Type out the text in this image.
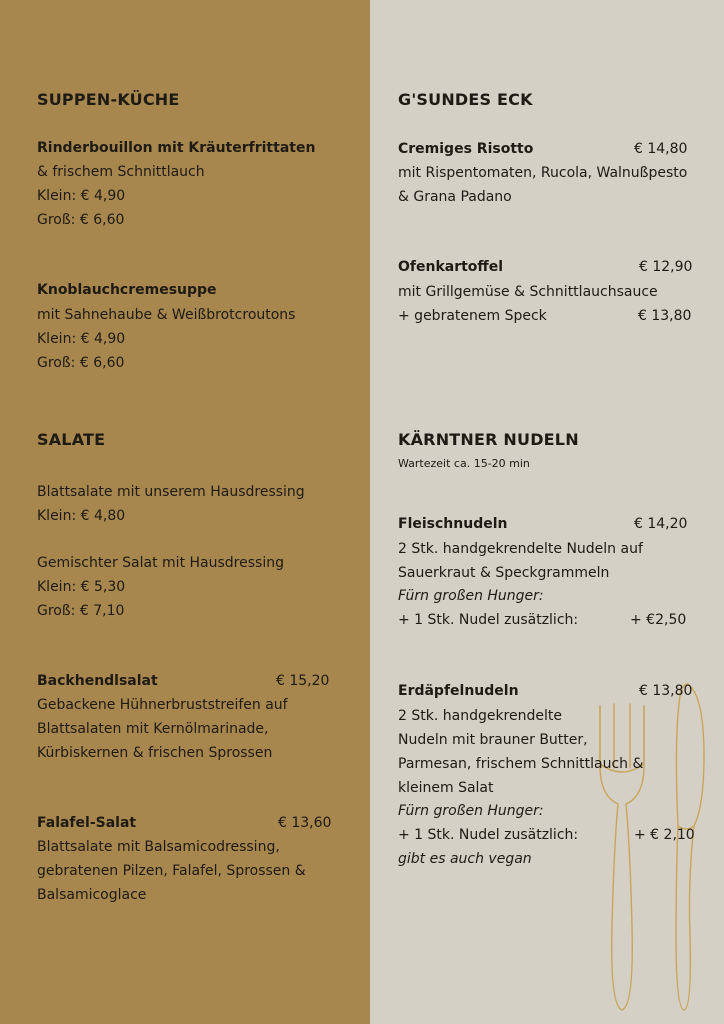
SUPPEN-KÜCHE
Rinderbouillon mit Kräuterfrittaten
& frischem Schnittlauch
Klein: € 4,90
Groß: € 6,60
Knoblauchcremesuppe
mit Sahnehaube & Weißbrotcroutons
Klein: € 4,90
Groß: € 6,60
SALATE
Blattsalate mit unserem Hausdressing
Klein: € 4,80
Gemischter Salat mit Hausdressing
Klein: € 5,30
Groß: € 7,10
Backhendlsalat	€ 15,20
Gebackene Hühnerbruststreifen auf
Blattsalaten mit Kernölmarinade,
Kürbiskernen & frischen Sprossen
Falafel-Salat	€ 13,60
Blattsalate mit Balsamicodressing,
gebratenen Pilzen, Falafel, Sprossen &
Balsamicoglace
G'SUNDES ECK
Cremiges Risotto	€ 14,80
mit Rispentomaten, Rucola, Walnußpesto
& Grana Padano
Ofenkartoffel	€ 12,90
mit Grillgemüse & Schnittlauchsauce
+ gebratenem Speck	€ 13,80
KÄRNTNER NUDELN
Wartezeit ca. 15-20 min
Fleischnudeln	€ 14,20
2 Stk. handgekrendelte Nudeln auf
Sauerkraut & Speckgrammeln
Fürn großen Hunger:
+ 1 Stk. Nudel zusätzlich:	+ €2,50
Erdäpfelnudeln	€ 13,80
2 Stk. handgekrendelte
Nudeln mit brauner Butter,
Parmesan, frischem Schnittlauch &
kleinem Salat
Fürn großen Hunger:
+ 1 Stk. Nudel zusätzlich:	+ € 2,10
gibt es auch vegan
